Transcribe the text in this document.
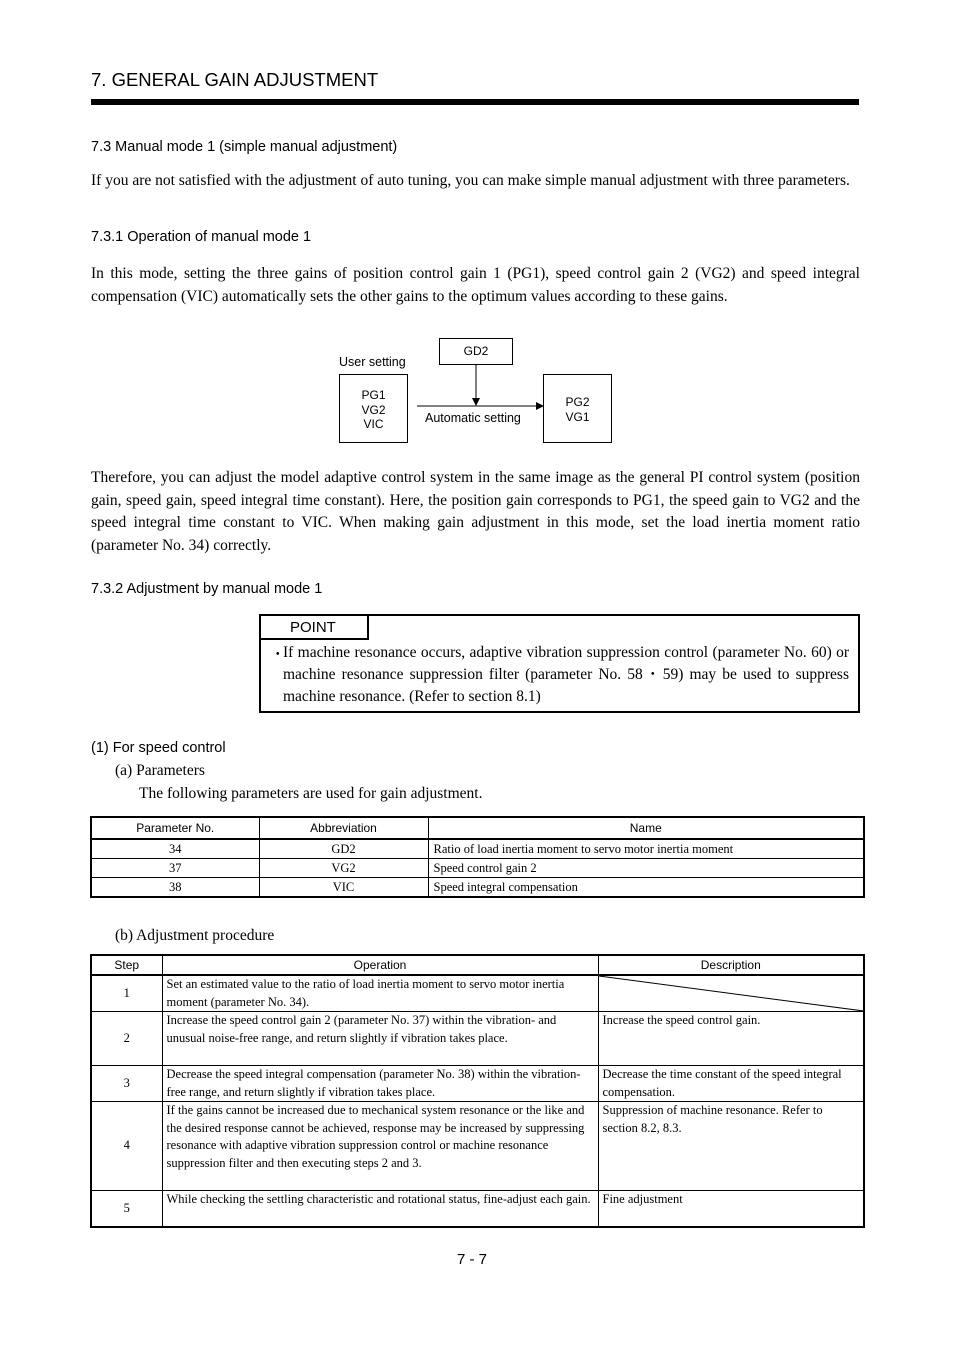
7. GENERAL GAIN ADJUSTMENT
7.3 Manual mode 1 (simple manual adjustment)
If you are not satisfied with the adjustment of auto tuning, you can make simple manual adjustment with three parameters.
7.3.1 Operation of manual mode 1
In this mode, setting the three gains of position control gain 1 (PG1), speed control gain 2 (VG2) and speed integral compensation (VIC) automatically sets the other gains to the optimum values according to these gains.
User setting
PG1
VG2
VIC
GD2
PG2
VG1
Automatic setting
Therefore, you can adjust the model adaptive control system in the same image as the general PI control system (position gain, speed gain, speed integral time constant). Here, the position gain corresponds to PG1, the speed gain to VG2 and the speed integral time constant to VIC. When making gain adjustment in this mode, set the load inertia moment ratio (parameter No. 34) correctly.
7.3.2 Adjustment by manual mode 1
POINT
・
If machine resonance occurs, adaptive vibration suppression control (parameter No. 60) or machine resonance suppression filter (parameter No. 58・59) may be used to suppress machine resonance. (Refer to section 8.1)
(1) For speed control
(a) Parameters
The following parameters are used for gain adjustment.
Parameter No.	Abbreviation	Name
34	GD2	Ratio of load inertia moment to servo motor inertia moment
37	VG2	Speed control gain 2
38	VIC	Speed integral compensation
(b) Adjustment procedure
Step	Operation	Description
1	Set an estimated value to the ratio of load inertia moment to servo motor inertia moment (parameter No. 34).	

2	Increase the speed control gain 2 (parameter No. 37) within the vibration- and unusual noise-free range, and return slightly if vibration takes place.	Increase the speed control gain.
3	Decrease the speed integral compensation (parameter No. 38) within the vibration-free range, and return slightly if vibration takes place.	Decrease the time constant of the speed integral compensation.
4	If the gains cannot be increased due to mechanical system resonance or the like and the desired response cannot be achieved, response may be increased by suppressing resonance with adaptive vibration suppression control or machine resonance suppression filter and then executing steps 2 and 3.	Suppression of machine resonance. Refer to section 8.2, 8.3.
5	While checking the settling characteristic and rotational status, fine-adjust each gain.	Fine adjustment
7 - 7
